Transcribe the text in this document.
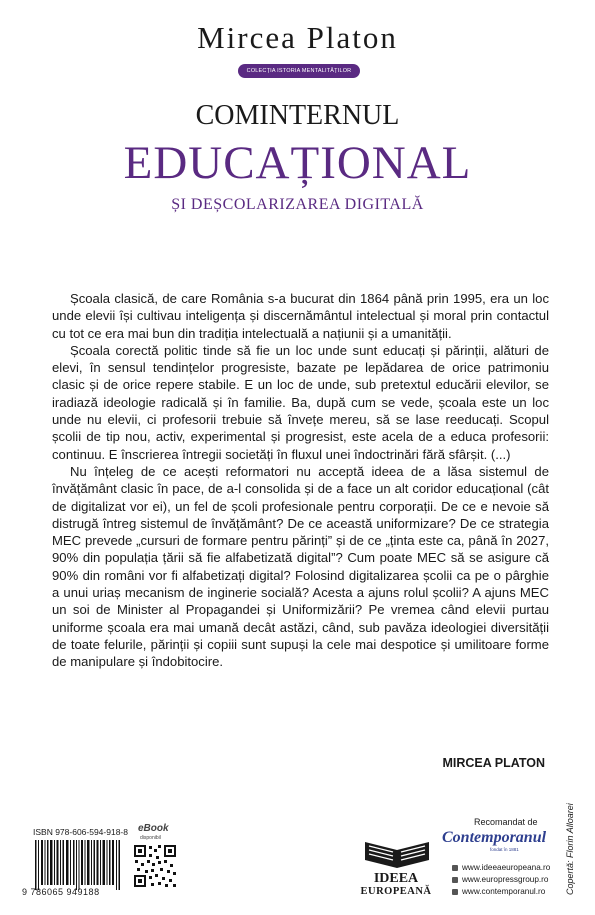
Mircea Platon
COLECȚIA ISTORIA MENTALITĂȚILOR
COMINTERNUL
EDUCAȚIONAL
ȘI DEȘCOLARIZAREA DIGITALĂ

Școala clasică, de care România s-a bucurat din 1864 până prin 1995, era un loc unde elevii își cultivau inteligența și discernământul intelectual și moral prin contactul cu tot ce era mai bun din tradiția intelectuală a națiunii și a umanității.

Școala corectă politic tinde să fie un loc unde sunt educați și părinții, alături de elevi, în sensul tendințelor progresiste, bazate pe lepădarea de orice patrimoniu clasic și de orice repere stabile. E un loc de unde, sub pretextul educării elevilor, se iradiază ideologie radicală și în familie. Ba, după cum se vede, școala este un loc unde nu elevii, ci profesorii trebuie să învețe mereu, să se lase reeducați. Scopul școlii de tip nou, activ, experimental și progresist, este acela de a educa profesorii: continuu. E înscrierea întregii societăți în fluxul unei îndoctrinări fără sfârșit. (...)

Nu înțeleg de ce acești reformatori nu acceptă ideea de a lăsa sistemul de învățământ clasic în pace, de a-l consolida și de a face un alt coridor educațional (cât de digitalizat vor ei), un fel de școli profesionale pentru corporații. De ce e nevoie să distrugă întreg sistemul de învățământ? De ce această uniformizare? De ce strategia MEC prevede „cursuri de formare pentru părinți” și de ce „ținta este ca, până în 2027, 90% din populația țării să fie alfabetizată digital”? Cum poate MEC să se asigure că 90% din români vor fi alfabetizați digital? Folosind digitalizarea școlii ca pe o pârghie a unui uriaș mecanism de inginerie socială? Acesta a ajuns rolul școlii? A ajuns MEC un soi de Minister al Propagandei și Uniformizării? Pe vremea când elevii purtau uniforme școala era mai umană decât astăzi, când, sub pavăza ideologiei diversității de toate felurile, părinții și copiii sunt supuși la cele mai despotice și umilitoare forme de manipulare și îndobitocire.

MIRCEA PLATON
Copertă: Florin Alloarei
ISBN 978-606-594-918-8
9 786065 949188
eBook
disponibil
IDEEA
EUROPEANĂ
Recomandat de
Contemporanul
fondat în 1881
www.ideeaeuropeana.ro
www.europressgroup.ro
www.contemporanul.ro
